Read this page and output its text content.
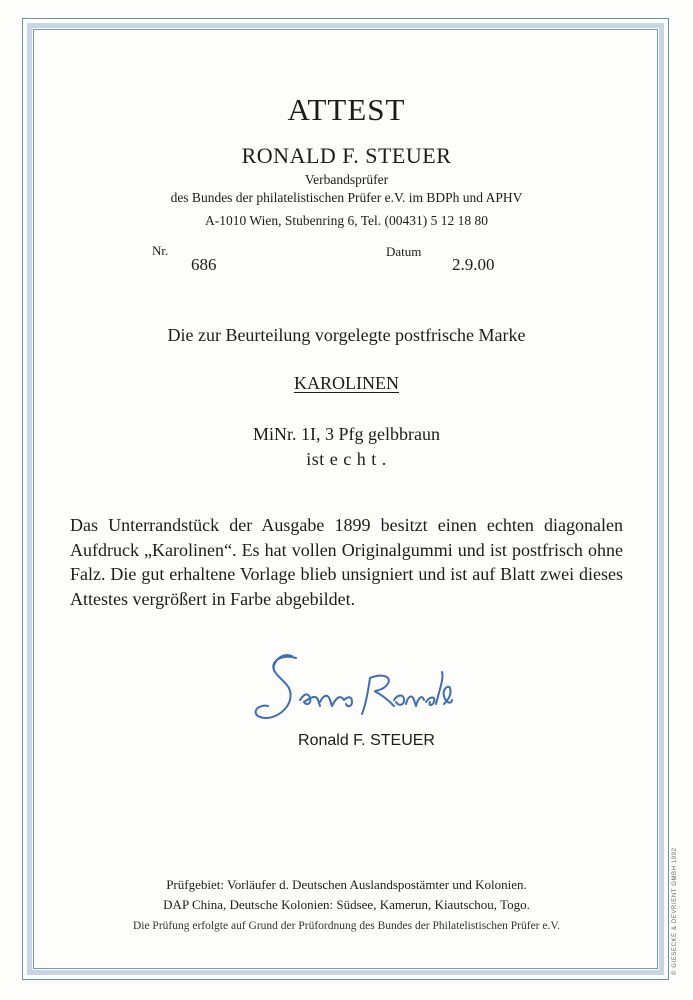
ATTEST
RONALD F. STEUER
Verbandsprüfer
des Bundes der philatelistischen Prüfer e.V. im BDPh und APHV
A-1010 Wien, Stubenring 6, Tel. (00431) 5 12 18 80
Nr.
686
Datum
2.9.00
Die zur Beurteilung vorgelegte postfrische Marke
KAROLINEN
MiNr. 1I, 3 Pfg gelbbraun
ist e c h t .
Das Unterrandstück der Ausgabe 1899 besitzt einen echten diagonalen Aufdruck „Karolinen“. Es hat vollen Originalgummi und ist postfrisch ohne Falz. Die gut erhaltene Vorlage blieb unsigniert und ist auf Blatt zwei dieses Attestes vergrößert in Farbe abgebildet.
Ronald F. STEUER
Prüfgebiet: Vorläufer d. Deutschen Auslandspostämter und Kolonien.
DAP China, Deutsche Kolonien: Südsee, Kamerun, Kiautschou, Togo.
Die Prüfung erfolgte auf Grund der Prüfordnung des Bundes der Philatelistischen Prüfer e.V.	© GIESECKE & DEVRIENT GMBH 1992
